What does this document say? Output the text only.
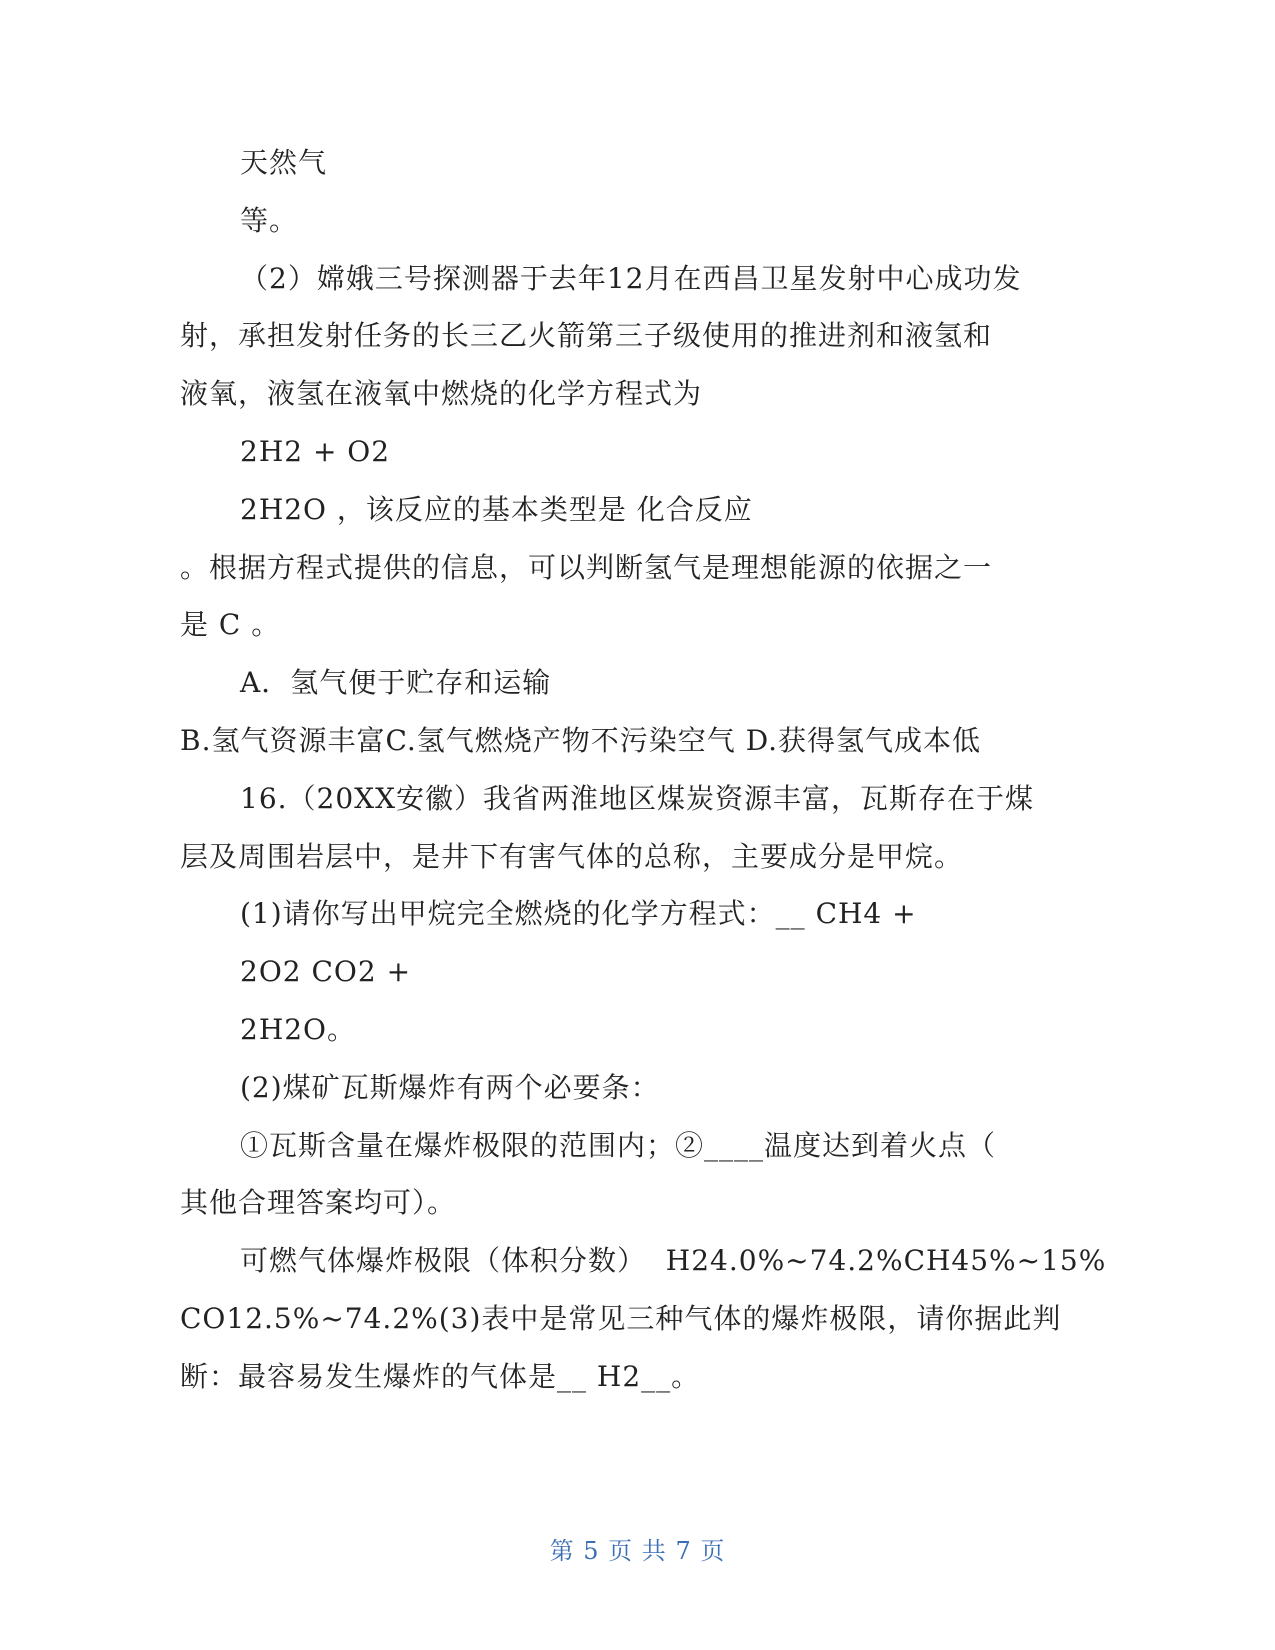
天然气
等。
（2）嫦娥三号探测器于去年12月在西昌卫星发射中心成功发
射，承担发射任务的长三乙火箭第三子级使用的推进剂和液氢和
液氧，液氢在液氧中燃烧的化学方程式为
2H2 + O2
2H2O ，该反应的基本类型是 化合反应
。根据方程式提供的信息，可以判断氢气是理想能源的依据之一
是 C 。
A．氢气便于贮存和运输
B.氢气资源丰富C.氢气燃烧产物不污染空气 D.获得氢气成本低
16.（20XX安徽）我省两淮地区煤炭资源丰富，瓦斯存在于煤
层及周围岩层中，是井下有害气体的总称，主要成分是甲烷。
(1)请你写出甲烷完全燃烧的化学方程式：__ CH4 +
2O2 CO2 +
2H2O。
(2)煤矿瓦斯爆炸有两个必要条：
①瓦斯含量在爆炸极限的范围内；②____温度达到着火点（
其他合理答案均可）。
可燃气体爆炸极限（体积分数）  H24.0%~74.2%CH45%~15%
CO12.5%~74.2%(3)表中是常见三种气体的爆炸极限，请你据此判
断：最容易发生爆炸的气体是__ H2__。
第 5 页 共 7 页
